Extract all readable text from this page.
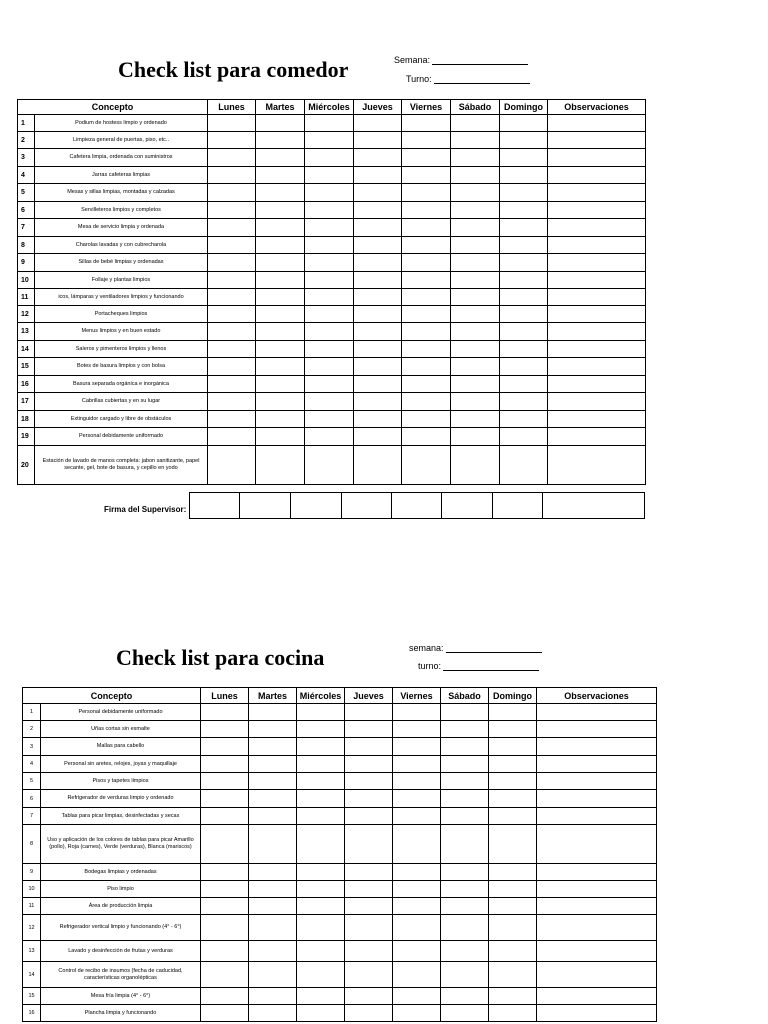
Check list para comedor	Semana:
Turno:
Concepto		Lunes	Martes	Miércoles	Jueves	Viernes	Sábado	Domingo	Observaciones
1	Podium de hostess limpio y ordenado								
2	Limpieza general de puertas, piso, etc..								
3	Cafetera limpia, ordenada con suministros								
4	Jarras cafeteras limpias								
5	Mesas y sillas limpias, montadas y calzadas								
6	Servilleteros limpios y completos								
7	Mesa de servicio limpia y ordenada								
8	Charolas lavadas y con cubrecharola								
9	Sillas de bebé limpias y ordenadas								
10	Follaje y plantas limpios								
11	icos, lámparas y ventiladores limpios y funcionando								
12	Portacheques limpios								
13	Menus limpios y en buen estado								
14	Saleros y pimenteros limpios y llenos								
15	Botes de basura limpios y con bolsa								
16	Basura separada orgánica e inorgánica								
17	Cabrillas cubiertas y en su lugar								
18	Extinguidor cargado y libre de obstáculos								
19	Personal debidamente uniformado								
20	Estación de lavado de manos completa: jabon sanitizante, papel secante, gel, bote de basura, y cepillo en yodo								
Firma del Supervisor:

Check list para cocina	semana:
turno:
Concepto		Lunes	Martes	Miércoles	Jueves	Viernes	Sábado	Domingo	Observaciones
1	Personal debidamente uniformado								
2	Uñas cortas sin esmalte								
3	Mallas para cabello								
4	Personal sin aretes, relojes, joyas y maquillaje								
5	Pisos y tapetes limpios								
6	Refrigerador de verduras limpio y ordenado								
7	Tablas para picar limpias, desinfectadas y secas								
8	Uso y aplicación de los colores de tablas para picar Amarillo (pollo), Roja (carnes), Verde (verduras), Blanca (mariscos)								
9	Bodegas limpias y ordenadas								
10	Piso limpio								
11	Área de producción limpia								
12	Refrigerador vertical limpio y funcionando (4° - 6°)								
13	Lavado y desinfección de frutas y verduras								
14	Control de recibo de insumos (fecha de caducidad, características organolépticas								
15	Mesa fría limpia (4° - 6°)								
16	Plancha limpia y funcionando								
